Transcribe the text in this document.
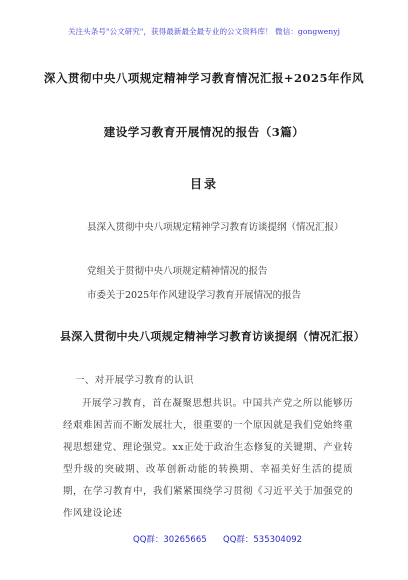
关注头条号"公文研究"，获得最新最全最专业的公文资料库！ 微信：gongwenyj
深入贯彻中央八项规定精神学习教育情况汇报+2025年作风
建设学习教育开展情况的报告（3篇）
目录
县深入贯彻中央八项规定精神学习教育访谈提纲（情况汇报）
党组关于贯彻中央八项规定精神情况的报告
市委关于2025年作风建设学习教育开展情况的报告
县深入贯彻中央八项规定精神学习教育访谈提纲（情况汇报）
一、对开展学习教育的认识
开展学习教育，首在凝聚思想共识。中国共产党之所以能够历经艰难困苦而不断发展壮大，很重要的一个原因就是我们党始终重视思想建党、理论强党。xx正处于政治生态修复的关键期、产业转型升级的突破期、改革创新动能的转换期、幸福美好生活的提质期，在学习教育中，我们紧紧围绕学习贯彻《习近平关于加强党的作风建设论述
QQ群：30265665 QQ群：535304092
